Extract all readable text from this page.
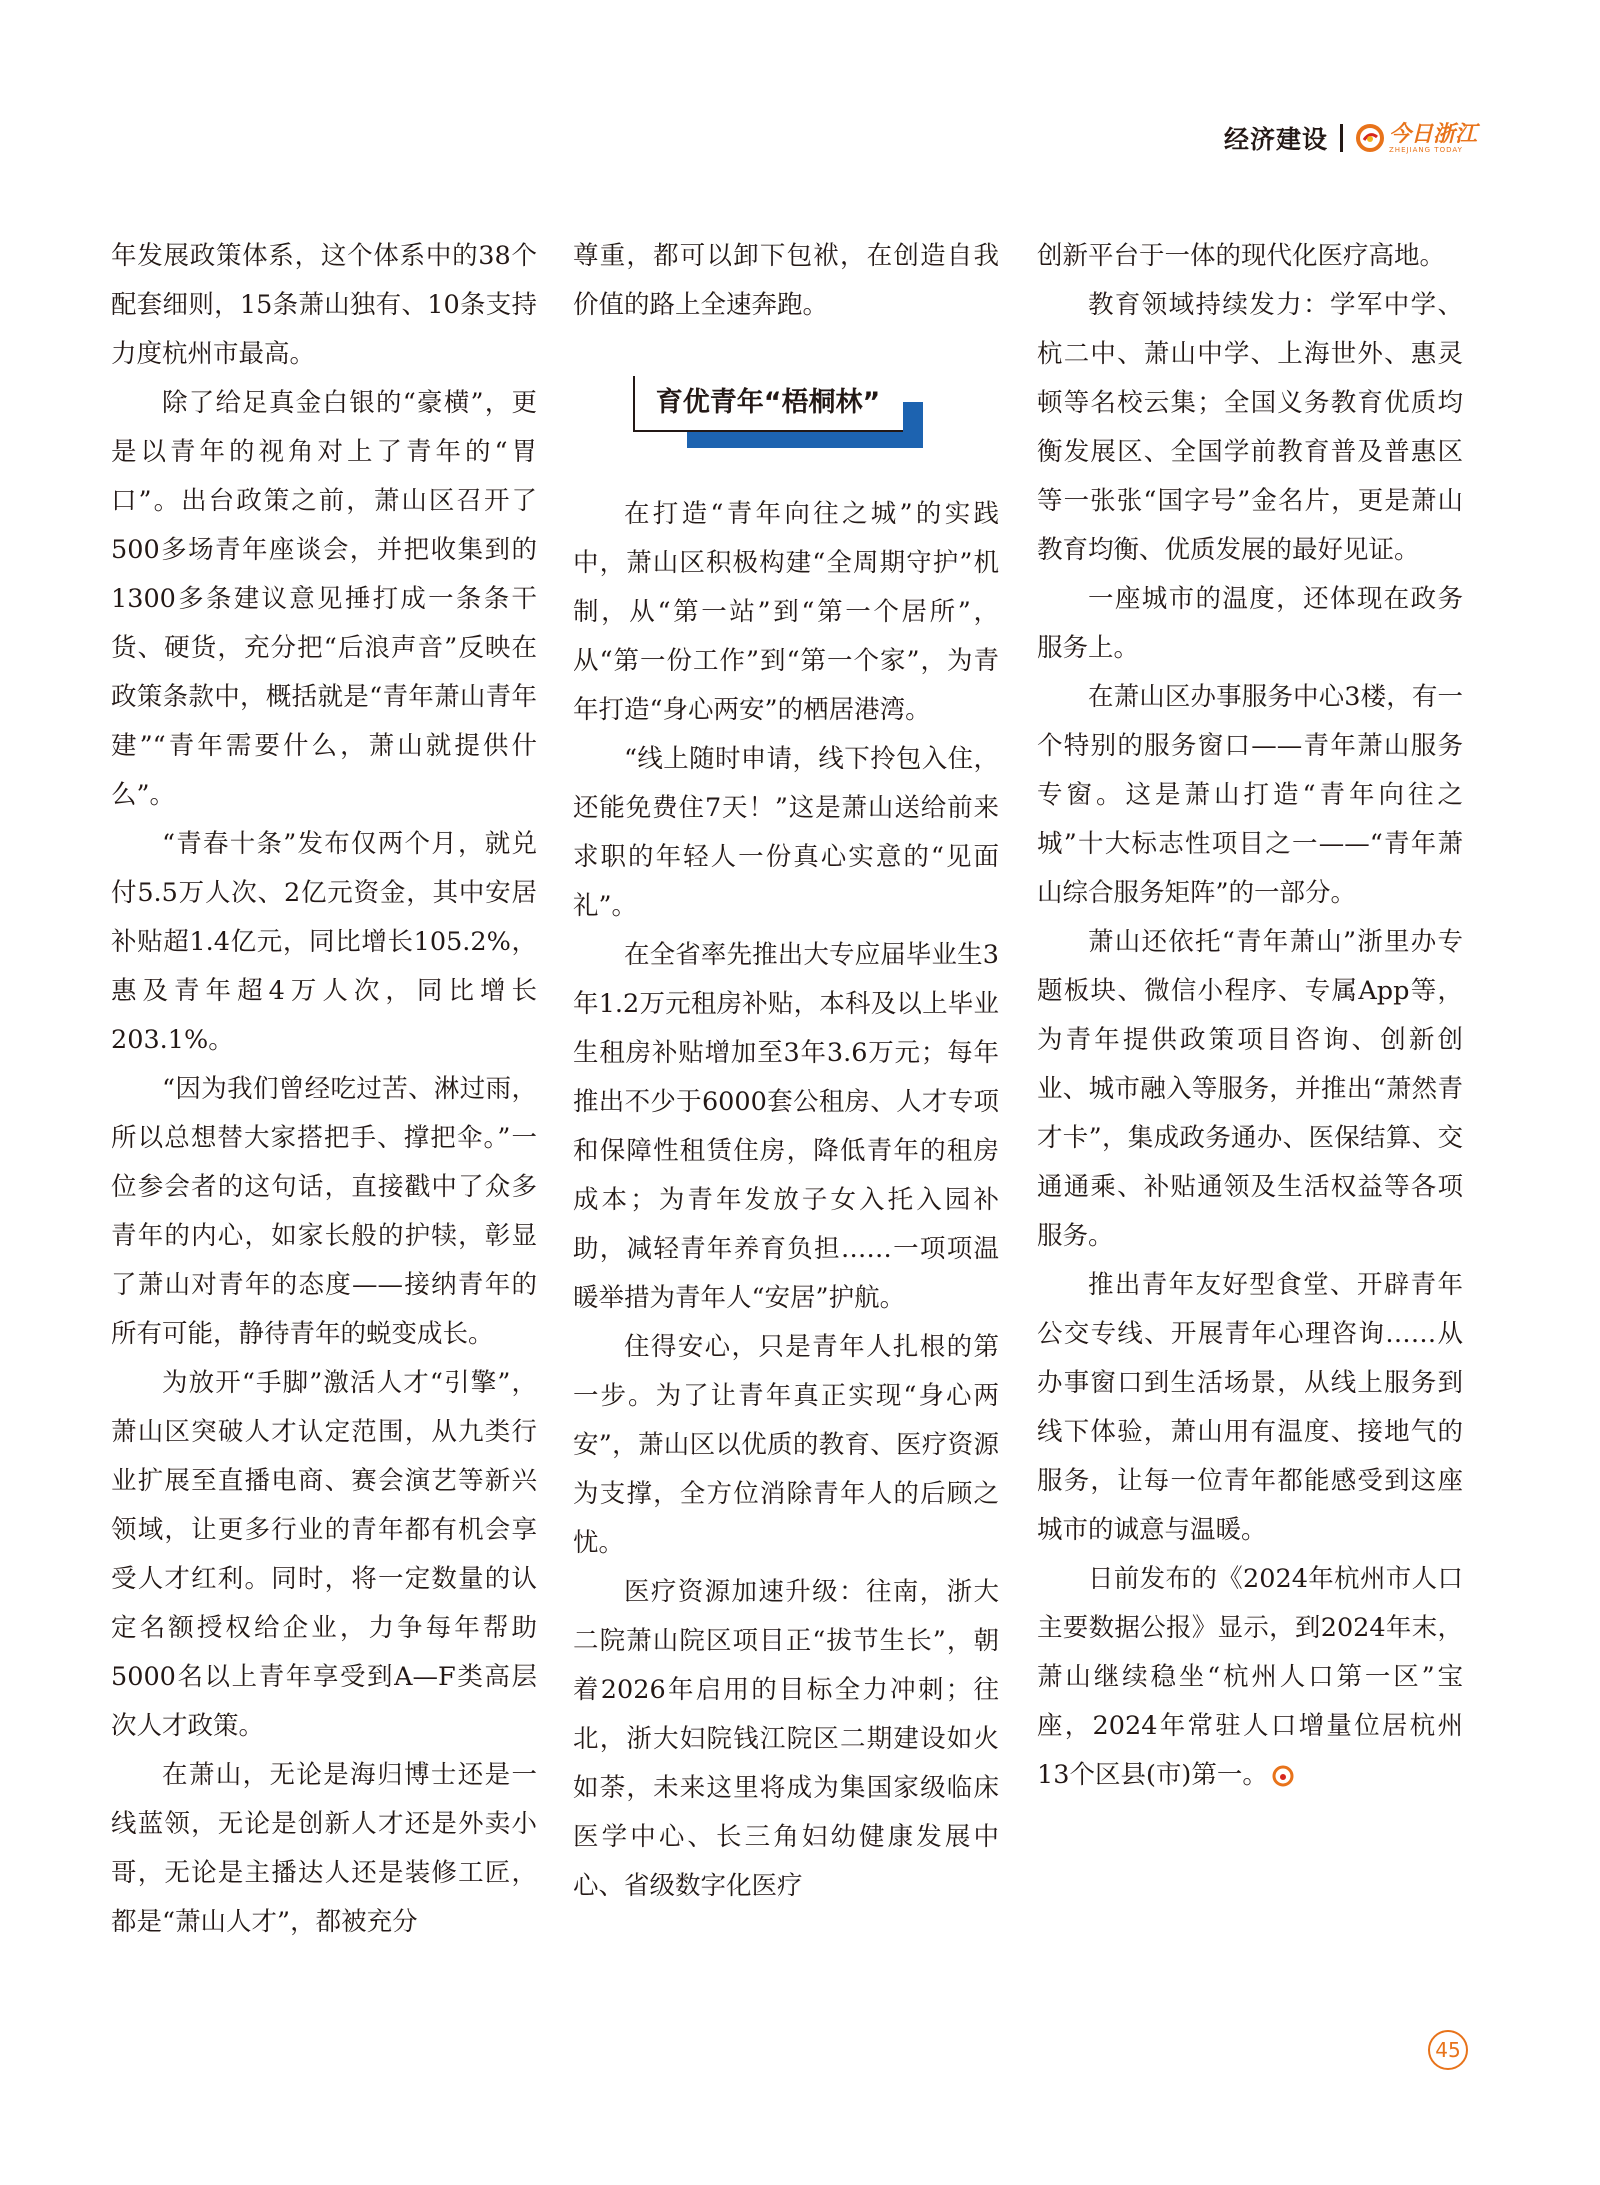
经济建设	今日浙江
ZHEJIANG TODAY

年发展政策体系，这个体系中的38个配套细则，15条萧山独有、10条支持力度杭州市最高。

除了给足真金白银的“豪横”，更是以青年的视角对上了青年的“胃口”。出台政策之前，萧山区召开了500多场青年座谈会，并把收集到的1300多条建议意见捶打成一条条干货、硬货，充分把“后浪声音”反映在政策条款中，概括就是“青年萧山青年建”“青年需要什么，萧山就提供什么”。

“青春十条”发布仅两个月，就兑付5.5万人次、2亿元资金，其中安居补贴超1.4亿元，同比增长105.2%，惠及青年超4万人次，同比增长203.1%。

“因为我们曾经吃过苦、淋过雨，所以总想替大家搭把手、撑把伞。”一位参会者的这句话，直接戳中了众多青年的内心，如家长般的护犊，彰显了萧山对青年的态度——接纳青年的所有可能，静待青年的蜕变成长。

为放开“手脚”激活人才“引擎”，萧山区突破人才认定范围，从九类行业扩展至直播电商、赛会演艺等新兴领域，让更多行业的青年都有机会享受人才红利。同时，将一定数量的认定名额授权给企业，力争每年帮助5000名以上青年享受到A—F类高层次人才政策。

在萧山，无论是海归博士还是一线蓝领，无论是创新人才还是外卖小哥，无论是主播达人还是装修工匠，都是“萧山人才”，都被充分

尊重，都可以卸下包袱，在创造自我价值的路上全速奔跑。

育优青年“梧桐林”

在打造“青年向往之城”的实践中，萧山区积极构建“全周期守护”机制，从“第一站”到“第一个居所”，从“第一份工作”到“第一个家”，为青年打造“身心两安”的栖居港湾。

“线上随时申请，线下拎包入住，还能免费住7天！”这是萧山送给前来求职的年轻人一份真心实意的“见面礼”。

在全省率先推出大专应届毕业生3年1.2万元租房补贴，本科及以上毕业生租房补贴增加至3年3.6万元；每年推出不少于6000套公租房、人才专项和保障性租赁住房，降低青年的租房成本；为青年发放子女入托入园补助，减轻青年养育负担……一项项温暖举措为青年人“安居”护航。

住得安心，只是青年人扎根的第一步。为了让青年真正实现“身心两安”，萧山区以优质的教育、医疗资源为支撑，全方位消除青年人的后顾之忧。

医疗资源加速升级：往南，浙大二院萧山院区项目正“拔节生长”，朝着2026年启用的目标全力冲刺；往北，浙大妇院钱江院区二期建设如火如荼，未来这里将成为集国家级临床医学中心、长三角妇幼健康发展中心、省级数字化医疗

创新平台于一体的现代化医疗高地。

教育领域持续发力：学军中学、杭二中、萧山中学、上海世外、惠灵顿等名校云集；全国义务教育优质均衡发展区、全国学前教育普及普惠区等一张张“国字号”金名片，更是萧山教育均衡、优质发展的最好见证。

一座城市的温度，还体现在政务服务上。

在萧山区办事服务中心3楼，有一个特别的服务窗口——青年萧山服务专窗。这是萧山打造“青年向往之城”十大标志性项目之一——“青年萧山综合服务矩阵”的一部分。

萧山还依托“青年萧山”浙里办专题板块、微信小程序、专属App等，为青年提供政策项目咨询、创新创业、城市融入等服务，并推出“萧然青才卡”，集成政务通办、医保结算、交通通乘、补贴通领及生活权益等各项服务。

推出青年友好型食堂、开辟青年公交专线、开展青年心理咨询……从办事窗口到生活场景，从线上服务到线下体验，萧山用有温度、接地气的服务，让每一位青年都能感受到这座城市的诚意与温暖。

日前发布的《2024年杭州市人口主要数据公报》显示，到2024年末，萧山继续稳坐“杭州人口第一区”宝座，2024年常驻人口增量位居杭州13个区县(市)第一。

45
